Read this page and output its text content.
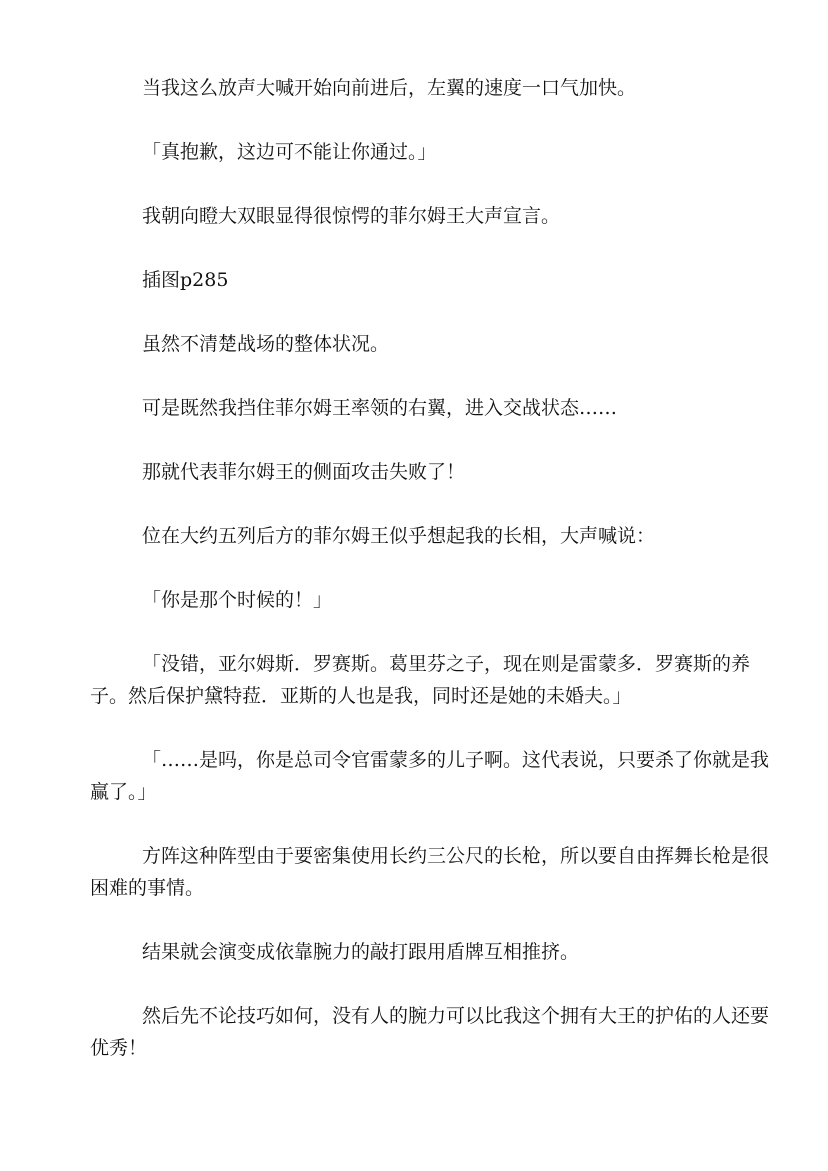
当我这么放声大喊开始向前进后，左翼的速度一口气加快。

「真抱歉，这边可不能让你通过。」

我朝向瞪大双眼显得很惊愕的菲尔姆王大声宣言。

插图p285

虽然不清楚战场的整体状况。

可是既然我挡住菲尔姆王率领的右翼，进入交战状态……

那就代表菲尔姆王的侧面攻击失败了！

位在大约五列后方的菲尔姆王似乎想起我的长相，大声喊说：

「你是那个时候的！」

「没错，亚尔姆斯．罗赛斯。葛里芬之子，现在则是雷蒙多．罗赛斯的养子。然后保护黛特菈．亚斯的人也是我，同时还是她的未婚夫。」

「……是吗，你是总司令官雷蒙多的儿子啊。这代表说，只要杀了你就是我赢了。」

方阵这种阵型由于要密集使用长约三公尺的长枪，所以要自由挥舞长枪是很困难的事情。

结果就会演变成依靠腕力的敲打跟用盾牌互相推挤。

然后先不论技巧如何，没有人的腕力可以比我这个拥有大王的护佑的人还要优秀！
